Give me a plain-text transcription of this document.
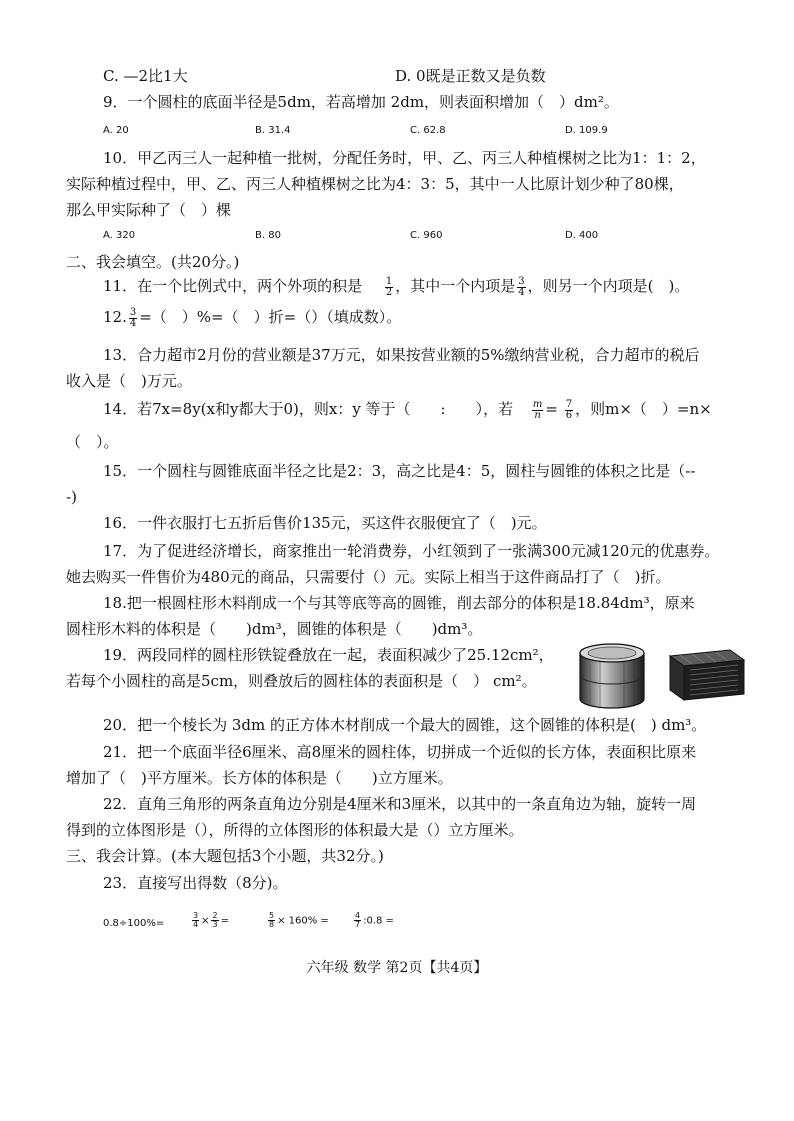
C. —2比1大	D. 0既是正数又是负数
9．一个圆柱的底面半径是5dm，若高增加 2dm，则表面积增加（　）dm²。
A. 20	B. 31.4	C. 62.8	D. 109.9
10．甲乙丙三人一起种植一批树，分配任务时，甲、乙、丙三人种植棵树之比为1：1：2，
实际种植过程中，甲、乙、丙三人种植棵树之比为4：3：5，其中一人比原计划少种了80棵，
那么甲实际种了（　）棵
A. 320	B. 80	C. 960	D. 400
二、我会填空。(共20分。)
11．在一个比例式中，两个外项的积是 $\frac{1}{2}$ ，其中一个内项是 $\frac{3}{4}$ ，则另一个内项是(　)。
12. $\frac{3}{4}$ =（　）%=（　）折=（）（填成数）。
13．合力超市2月份的营业额是37万元，如果按营业额的5%缴纳营业税，合力超市的税后
收入是（　)万元。
14．若7x=8y(x和y都大于0)，则x：y 等于（　　:　　），若 $\frac{m}{n} = \frac{7}{6}$ ，则m×（　）=n×
（　）。
15．一个圆柱与圆锥底面半径之比是2：3，高之比是4：5，圆柱与圆锥的体积之比是（--
-)
16．一件衣服打七五折后售价135元，买这件衣服便宜了（　)元。
17．为了促进经济增长，商家推出一轮消费券，小红领到了一张满300元减120元的优惠券。
她去购买一件售价为480元的商品，只需要付（）元。实际上相当于这件商品打了（　)折。
18.把一根圆柱形木料削成一个与其等底等高的圆锥，削去部分的体积是18.84dm³，原来
圆柱形木料的体积是（　　)dm³，圆锥的体积是（　　)dm³。
19．两段同样的圆柱形铁锭叠放在一起，表面积减少了25.12cm²，
若每个小圆柱的高是5cm，则叠放后的圆柱体的表面积是（　） cm²。
20．把一个棱长为 3dm 的正方体木材削成一个最大的圆锥，这个圆锥的体积是(　) dm³。
21．把一个底面半径6厘米、高8厘米的圆柱体，切拼成一个近似的长方体，表面积比原来
增加了（　)平方厘米。长方体的体积是（　　)立方厘米。
22．直角三角形的两条直角边分别是4厘米和3厘米，以其中的一条直角边为轴，旋转一周
得到的立体图形是（），所得的立体图形的体积最大是（）立方厘米。
三、我会计算。(本大题包括3个小题，共32分。)
23．直接写出得数（8分)。
0.8÷100%=	$\frac{3}{4} \times \frac{2}{3}$ =	$\frac{5}{8} \times 160\%$ =	$\frac{4}{7}$ :0.8 =
六年级 数学 第2页【共4页】
